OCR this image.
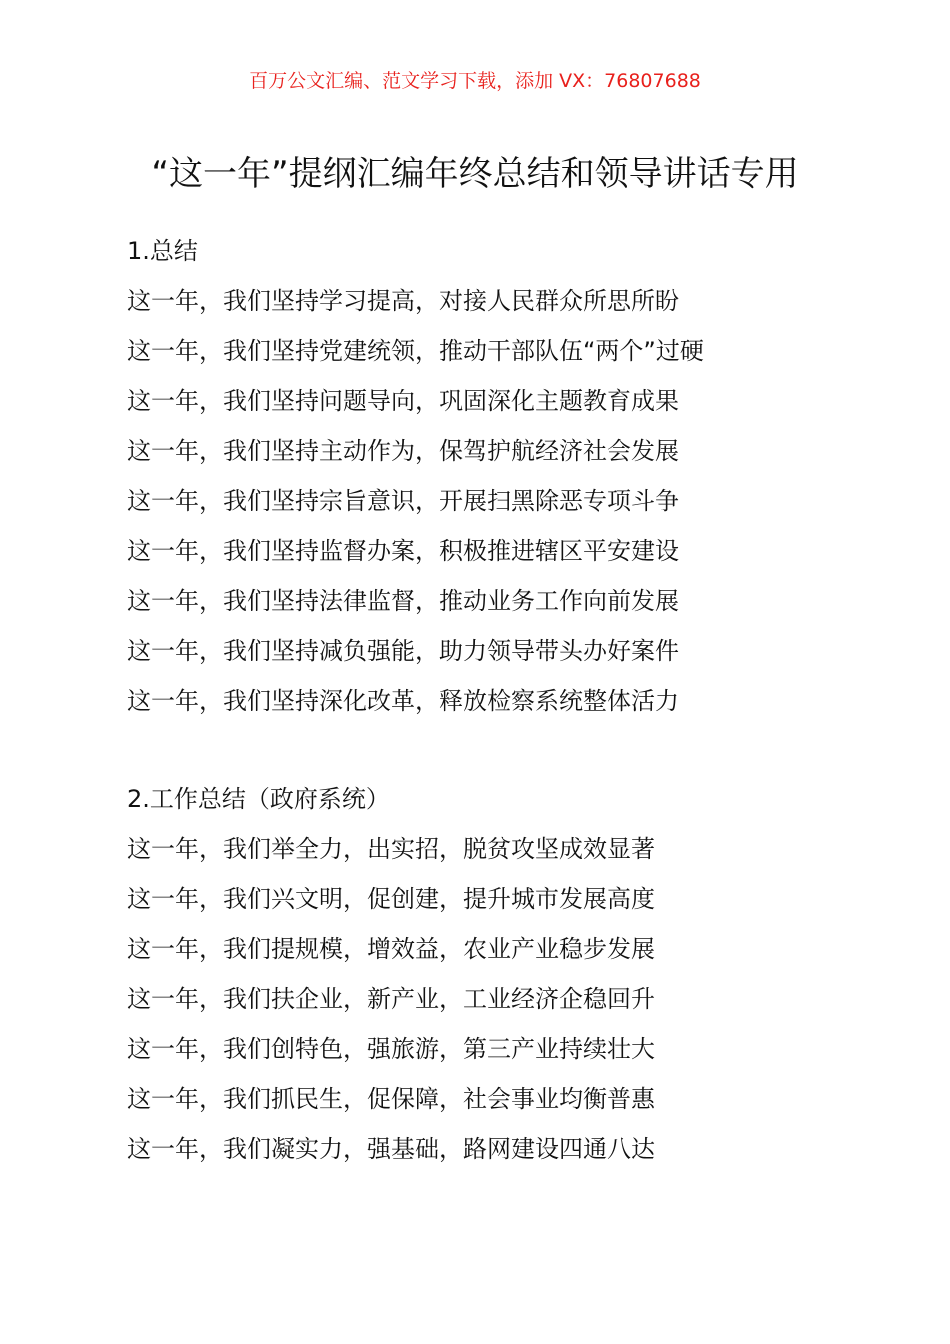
百万公文汇编、范文学习下载，添加 VX：76807688
“这一年”提纲汇编年终总结和领导讲话专用
1.总结
这一年，我们坚持学习提高，对接人民群众所思所盼
这一年，我们坚持党建统领，推动干部队伍“两个”过硬
这一年，我们坚持问题导向，巩固深化主题教育成果
这一年，我们坚持主动作为，保驾护航经济社会发展
这一年，我们坚持宗旨意识，开展扫黑除恶专项斗争
这一年，我们坚持监督办案，积极推进辖区平安建设
这一年，我们坚持法律监督，推动业务工作向前发展
这一年，我们坚持减负强能，助力领导带头办好案件
这一年，我们坚持深化改革，释放检察系统整体活力
2.工作总结（政府系统）
这一年，我们举全力，出实招，脱贫攻坚成效显著
这一年，我们兴文明，促创建，提升城市发展高度
这一年，我们提规模，增效益，农业产业稳步发展
这一年，我们扶企业，新产业，工业经济企稳回升
这一年，我们创特色，强旅游，第三产业持续壮大
这一年，我们抓民生，促保障，社会事业均衡普惠
这一年，我们凝实力，强基础，路网建设四通八达
